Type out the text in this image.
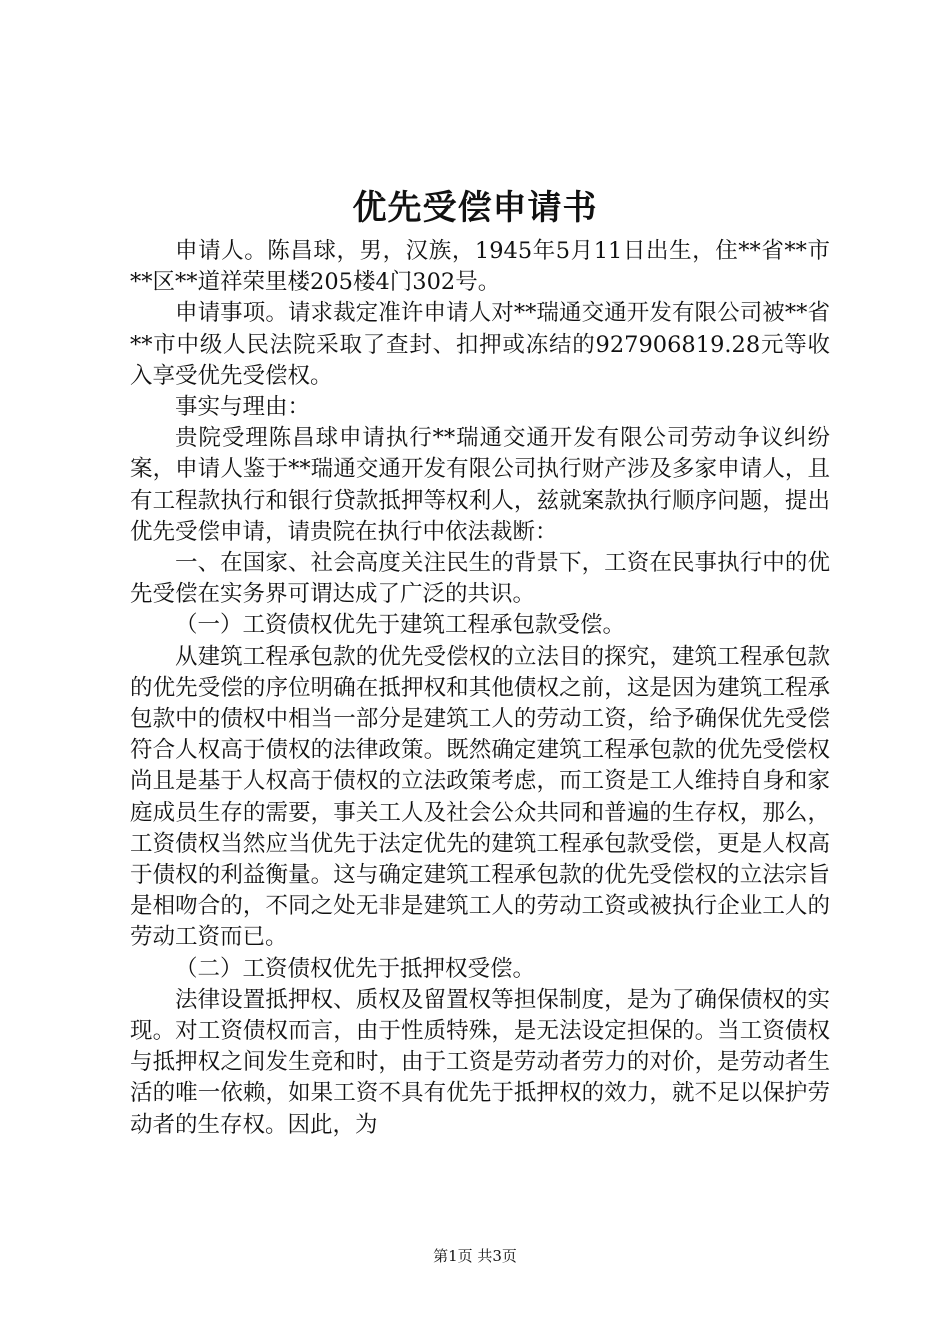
优先受偿申请书

申请人。陈昌球，男，汉族，1945年5月11日出生，住**省**市**区**道祥荣里楼205楼4门302号。

申请事项。请求裁定准许申请人对**瑞通交通开发有限公司被**省**市中级人民法院采取了查封、扣押或冻结的927906819.28元等收入享受优先受偿权。

事实与理由：

贵院受理陈昌球申请执行**瑞通交通开发有限公司劳动争议纠纷案，申请人鉴于**瑞通交通开发有限公司执行财产涉及多家申请人，且有工程款执行和银行贷款抵押等权利人，兹就案款执行顺序问题，提出优先受偿申请，请贵院在执行中依法裁断：

一、在国家、社会高度关注民生的背景下，工资在民事执行中的优先受偿在实务界可谓达成了广泛的共识。

（一）工资债权优先于建筑工程承包款受偿。

从建筑工程承包款的优先受偿权的立法目的探究，建筑工程承包款的优先受偿的序位明确在抵押权和其他债权之前，这是因为建筑工程承包款中的债权中相当一部分是建筑工人的劳动工资，给予确保优先受偿符合人权高于债权的法律政策。既然确定建筑工程承包款的优先受偿权尚且是基于人权高于债权的立法政策考虑，而工资是工人维持自身和家庭成员生存的需要，事关工人及社会公众共同和普遍的生存权，那么，工资债权当然应当优先于法定优先的建筑工程承包款受偿，更是人权高于债权的利益衡量。这与确定建筑工程承包款的优先受偿权的立法宗旨是相吻合的，不同之处无非是建筑工人的劳动工资或被执行企业工人的劳动工资而已。

（二）工资债权优先于抵押权受偿。

法律设置抵押权、质权及留置权等担保制度，是为了确保债权的实现。对工资债权而言，由于性质特殊，是无法设定担保的。当工资债权与抵押权之间发生竞和时，由于工资是劳动者劳力的对价，是劳动者生活的唯一依赖，如果工资不具有优先于抵押权的效力，就不足以保护劳动者的生存权。因此，为

第1页 共3页
